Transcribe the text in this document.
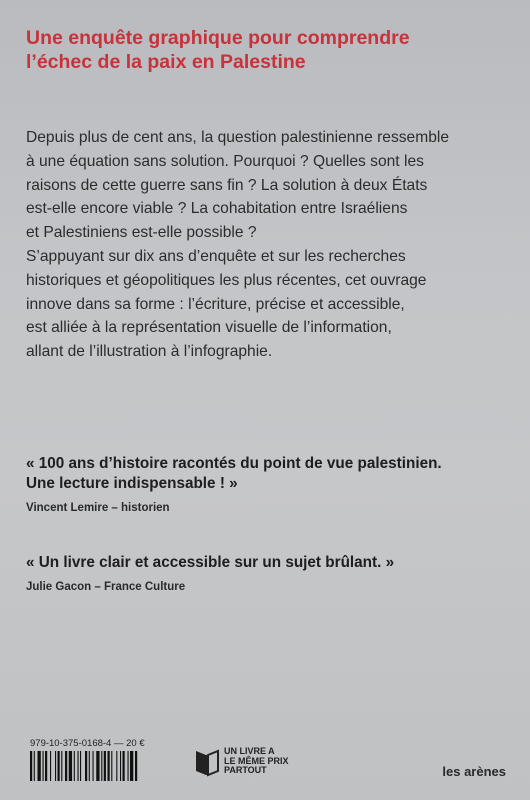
Une enquête graphique pour comprendre
l’échec de la paix en Palestine
Depuis plus de cent ans, la question palestinienne ressemble
à une équation sans solution. Pourquoi ? Quelles sont les
raisons de cette guerre sans fin ? La solution à deux États
est-elle encore viable ? La cohabitation entre Israéliens
et Palestiniens est-elle possible ?
S’appuyant sur dix ans d’enquête et sur les recherches
historiques et géopolitiques les plus récentes, cet ouvrage
innove dans sa forme : l’écriture, précise et accessible,
est alliée à la représentation visuelle de l’information,
allant de l’illustration à l’infographie.
« 100 ans d’histoire racontés du point de vue palestinien.
Une lecture indispensable ! »
Vincent Lemire – historien
« Un livre clair et accessible sur un sujet brûlant. »
Julie Gacon – France Culture
979-10-375-0168-4 — 20 €
UN LIVRE A
LE MÊME PRIX
PARTOUT	les arènes
